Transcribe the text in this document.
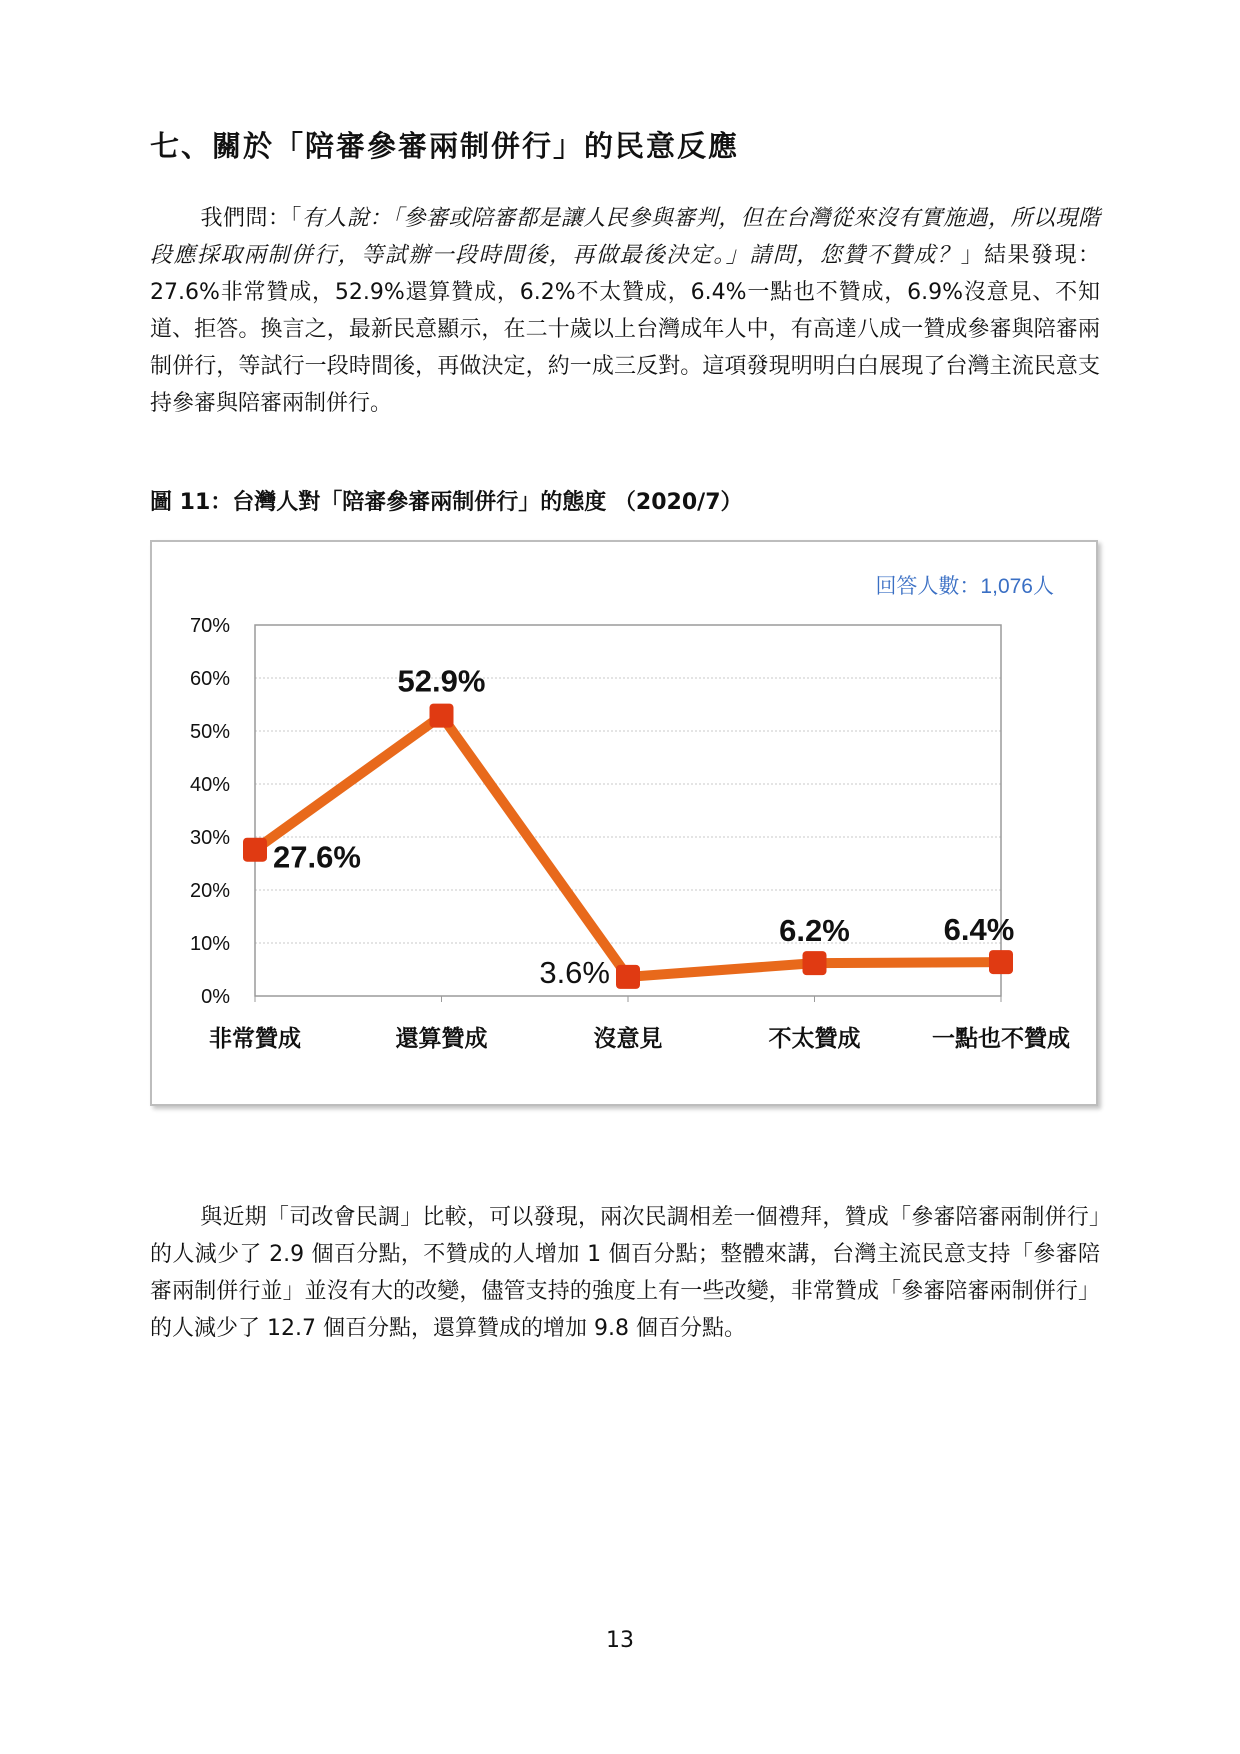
七、關於「陪審參審兩制併行」的民意反應

我們問：「有人說：「參審或陪審都是讓人民參與審判，但在台灣從來沒有實施過，所以現階段應採取兩制併行，等試辦一段時間後，再做最後決定。」請問，您贊不贊成？」結果發現：27.6%非常贊成，52.9%還算贊成，6.2%不太贊成，6.4%一點也不贊成，6.9%沒意見、不知道、拒答。換言之，最新民意顯示，在二十歲以上台灣成年人中，有高達八成一贊成參審與陪審兩制併行，等試行一段時間後，再做決定，約一成三反對。這項發現明明白白展現了台灣主流民意支持參審與陪審兩制併行。

圖 11：台灣人對「陪審參審兩制併行」的態度 （2020/7）

0%
10%
20%
30%
40%
50%
60%
70%
非常贊成	還算贊成	沒意見	不太贊成	一點也不贊成
27.6%
52.9%
3.6%
6.2%	6.4%
回答人數：1,076人

與近期「司改會民調」比較，可以發現，兩次民調相差一個禮拜，贊成「參審陪審兩制併行」的人減少了 2.9 個百分點，不贊成的人增加 1 個百分點；整體來講，台灣主流民意支持「參審陪審兩制併行並」並沒有大的改變，儘管支持的強度上有一些改變，非常贊成「參審陪審兩制併行」的人減少了 12.7 個百分點，還算贊成的增加 9.8 個百分點。

13
